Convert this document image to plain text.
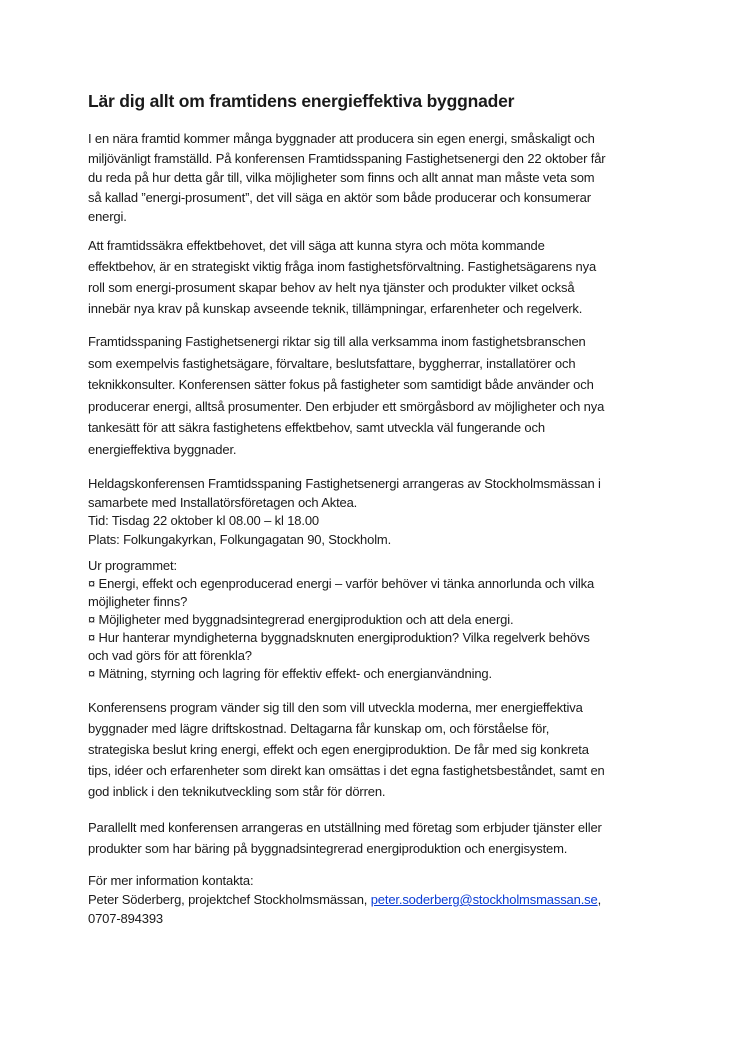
Lär dig allt om framtidens energieffektiva byggnader
I en nära framtid kommer många byggnader att producera sin egen energi, småskaligt och
miljövänligt framställd. På konferensen Framtidsspaning Fastighetsenergi den 22 oktober får
du reda på hur detta går till, vilka möjligheter som finns och allt annat man måste veta som
så kallad ”energi-prosument”, det vill säga en aktör som både producerar och konsumerar
energi.
Att framtidssäkra effektbehovet, det vill säga att kunna styra och möta kommande
effektbehov, är en strategiskt viktig fråga inom fastighetsförvaltning. Fastighetsägarens nya
roll som energi-prosument skapar behov av helt nya tjänster och produkter vilket också
innebär nya krav på kunskap avseende teknik, tillämpningar, erfarenheter och regelverk.
Framtidsspaning Fastighetsenergi riktar sig till alla verksamma inom fastighetsbranschen
som exempelvis fastighetsägare, förvaltare, beslutsfattare, byggherrar, installatörer och
teknikkonsulter. Konferensen sätter fokus på fastigheter som samtidigt både använder och
producerar energi, alltså prosumenter. Den erbjuder ett smörgåsbord av möjligheter och nya
tankesätt för att säkra fastighetens effektbehov, samt utveckla väl fungerande och
energieffektiva byggnader.
Heldagskonferensen Framtidsspaning Fastighetsenergi arrangeras av Stockholmsmässan i
samarbete med Installatörsföretagen och Aktea.
Tid: Tisdag 22 oktober kl 08.00 – kl 18.00
Plats: Folkungakyrkan, Folkungagatan 90, Stockholm.
Ur programmet:
¤ Energi, effekt och egenproducerad energi – varför behöver vi tänka annorlunda och vilka
möjligheter finns?
¤ Möjligheter med byggnadsintegrerad energiproduktion och att dela energi.
¤ Hur hanterar myndigheterna byggnadsknuten energiproduktion? Vilka regelverk behövs
och vad görs för att förenkla?
¤ Mätning, styrning och lagring för effektiv effekt- och energianvändning.
Konferensens program vänder sig till den som vill utveckla moderna, mer energieffektiva
byggnader med lägre driftskostnad. Deltagarna får kunskap om, och förståelse för,
strategiska beslut kring energi, effekt och egen energiproduktion. De får med sig konkreta
tips, idéer och erfarenheter som direkt kan omsättas i det egna fastighetsbeståndet, samt en
god inblick i den teknikutveckling som står för dörren.
Parallellt med konferensen arrangeras en utställning med företag som erbjuder tjänster eller
produkter som har bäring på byggnadsintegrerad energiproduktion och energisystem.
För mer information kontakta:
Peter Söderberg, projektchef Stockholmsmässan, peter.soderberg@stockholmsmassan.se,
0707-894393
